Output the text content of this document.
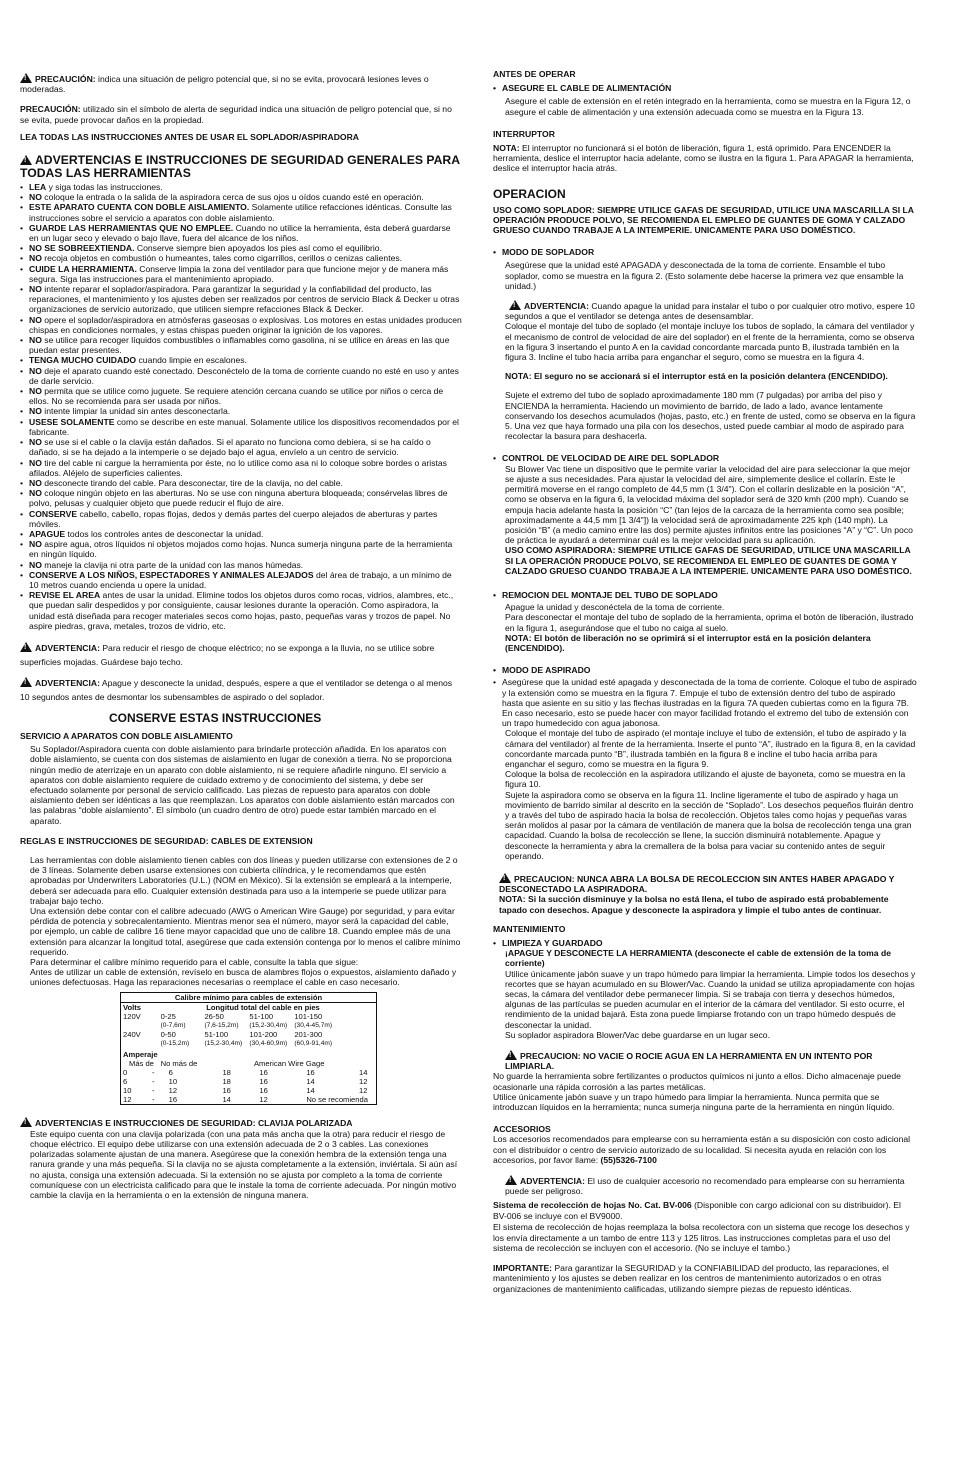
!PRECAUCIÓN: indica una situación de peligro potencial que, si no se evita, provocará lesiones leves o moderadas.

PRECAUCIÓN: utilizado sin el símbolo de alerta de seguridad indica una situación de peligro potencial que, si no se evita, puede provocar daños en la propiedad.

LEA TODAS LAS INSTRUCCIONES ANTES DE USAR EL SOPLADOR/ASPIRADORA

!ADVERTENCIAS E INSTRUCCIONES DE SEGURIDAD GENERALES PARA TODAS LAS HERRAMIENTAS
• LEA y siga todas las instrucciones.
• NO coloque la entrada o la salida de la aspiradora cerca de sus ojos u oídos cuando esté en operación.
• ESTE APARATO CUENTA CON DOBLE AISLAMIENTO. Solamente utilice refacciones idénticas. Consulte las instrucciones sobre el servicio a aparatos con doble aislamiento.
• GUARDE LAS HERRAMIENTAS QUE NO EMPLEE. Cuando no utilice la herramienta, ésta deberá guardarse en un lugar seco y elevado o bajo llave, fuera del alcance de los niños.
• NO SE SOBREEXTIENDA. Conserve siempre bien apoyados los pies así como el equilibrio.
• NO recoja objetos en combustión o humeantes, tales como cigarrillos, cerillos o cenizas calientes.
• CUIDE LA HERRAMIENTA. Conserve limpia la zona del ventilador para que funcione mejor y de manera más segura. Siga las instrucciones para el mantenimiento apropiado.
• NO intente reparar el soplador/aspiradora. Para garantizar la seguridad y la confiabilidad del producto, las reparaciones, el mantenimiento y los ajustes deben ser realizados por centros de servicio Black & Decker u otras organizaciones de servicio autorizado, que utilicen siempre refacciones Black & Decker.
• NO opere el soplador/aspiradora en atmósferas gaseosas o explosivas. Los motores en estas unidades producen chispas en condiciones normales, y estas chispas pueden originar la ignición de los vapores.
• NO se utilice para recoger líquidos combustibles o inflamables como gasolina, ni se utilice en áreas en las que puedan estar presentes.
• TENGA MUCHO CUIDADO cuando limpie en escalones.
• NO deje el aparato cuando esté conectado. Desconéctelo de la toma de corriente cuando no esté en uso y antes de darle servicio.
• NO permita que se utilice como juguete. Se requiere atención cercana cuando se utilice por niños o cerca de ellos. No se recomienda para ser usada por niños.
• NO intente limpiar la unidad sin antes desconectarla.
• USESE SOLAMENTE como se describe en este manual. Solamente utilice los dispositivos recomendados por el fabricante.
• NO se use si el cable o la clavija están dañados. Si el aparato no funciona como debiera, si se ha caído o dañado, si se ha dejado a la intemperie o se dejado bajo el agua, envíelo a un centro de servicio.
• NO tire del cable ni cargue la herramienta por éste, no lo utilice como asa ni lo coloque sobre bordes o aristas afilados. Aléjelo de superficies calientes.
• NO desconecte tirando del cable. Para desconectar, tire de la clavija, no del cable.
• NO coloque ningún objeto en las aberturas. No se use con ninguna abertura bloqueada; consérvelas libres de polvo, pelusas y cualquier objeto que puede reducir el flujo de aire.
• CONSERVE cabello, cabello, ropas flojas, dedos y demás partes del cuerpo alejados de aberturas y partes móviles.
• APAGUE todos los controles antes de desconectar la unidad.
• NO aspire agua, otros líquidos ni objetos mojados como hojas. Nunca sumerja ninguna parte de la herramienta en ningún líquido.
• NO maneje la clavija ni otra parte de la unidad con las manos húmedas.
• CONSERVE A LOS NIÑOS, ESPECTADORES Y ANIMALES ALEJADOS del área de trabajo, a un mínimo de 10 metros cuando encienda u opere la unidad.
• REVISE EL AREA antes de usar la unidad. Elimine todos los objetos duros como rocas, vidrios, alambres, etc., que puedan salir despedidos y por consiguiente, causar lesiones durante la operación. Como aspiradora, la unidad está diseñada para recoger materiales secos como hojas, pasto, pequeñas varas y trozos de papel. No aspire piedras, grava, metales, trozos de vidrio, etc.

!ADVERTENCIA: Para reducir el riesgo de choque eléctrico; no se exponga a la lluvia, no se utilice sobre superficies mojadas. Guárdese bajo techo.

!ADVERTENCIA: Apague y desconecte la unidad, después, espere a que el ventilador se detenga o al menos 10 segundos antes de desmontar los subensambles de aspirado o del soplador.

CONSERVE ESTAS INSTRUCCIONES
SERVICIO A APARATOS CON DOBLE AISLAMIENTO

Su Soplador/Aspiradora cuenta con doble aislamiento para brindarle protección añadida. En los aparatos con doble aislamiento, se cuenta con dos sistemas de aislamiento en lugar de conexión a tierra. No se proporciona ningún medio de aterrizaje en un aparato con doble aislamiento, ni se requiere añadirle ninguno. El servicio a aparatos con doble aislamiento requiere de cuidado extremo y de conocimiento del sistema, y debe ser efectuado solamente por personal de servicio calificado. Las piezas de repuesto para aparatos con doble aislamiento deben ser idénticas a las que reemplazan. Los aparatos con doble aislamiento están marcados con las palabras “doble aislamiento”. El símbolo (un cuadro dentro de otro) puede estar también marcado en el aparato.

REGLAS E INSTRUCCIONES DE SEGURIDAD: CABLES DE EXTENSION

Las herramientas con doble aislamiento tienen cables con dos líneas y pueden utilizarse con extensiones de 2 o de 3 líneas. Solamente deben usarse extensiones con cubierta cilíndrica, y le recomendamos que estén aprobadas por Underwriters Laboratories (U.L.) (NOM en México). Si la extensión se empleará a la intemperie, deberá ser adecuada para ello. Cualquier extensión destinada para uso a la intemperie se puede utilizar para trabajar bajo techo.

Una extensión debe contar con el calibre adecuado (AWG o American Wire Gauge) por seguridad, y para evitar pérdida de potencia y sobrecalentamiento. Mientras menor sea el número, mayor será la capacidad del cable, por ejemplo, un cable de calibre 16 tiene mayor capacidad que uno de calibre 18. Cuando emplee más de una extensión para alcanzar la longitud total, asegúrese que cada extensión contenga por lo menos el calibre mínimo requerido.

Para determinar el calibre mínimo requerido para el cable, consulte la tabla que sigue:

Antes de utilizar un cable de extensión, revíselo en busca de alambres flojos o expuestos, aislamiento dañado y uniones defectuosas. Haga las reparaciones necesarias o reemplace el cable en caso necesario.

Calibre mínimo para cables de extensión						
Volts	Longitud total del cable en pies					
120V		0-25	26-50	51-100	101-150	
		(0-7,6m)	(7,6-15,2m)	(15,2-30,4m)	(30,4-45,7m)	
240V		0-50	51-100	101-200	201-300	
		(0-15,2m)	(15,2-30,4m)	(30,4-60,9m)	(60,9-91,4m)	
Amperaje						
Más de		No más de	American Wire Gage			
0	-	6	18	16	16	14
6	-	10	18	16	14	12
10	-	12	16	16	14	12
12	-	16	14	12	No se recomienda	
!ADVERTENCIAS E INSTRUCCIONES DE SEGURIDAD: CLAVIJA POLARIZADA

Este equipo cuenta con una clavija polarizada (con una pata más ancha que la otra) para reducir el riesgo de choque eléctrico. El equipo debe utilizarse con una extensión adecuada de 2 o 3 cables. Las conexiones polarizadas solamente ajustan de una manera. Asegúrese que la conexión hembra de la extensión tenga una ranura grande y una más pequeña. Si la clavija no se ajusta completamente a la extensión, inviértala. Si aún así no ajusta, consiga una extensión adecuada. Si la extensión no se ajusta por completo a la toma de corriente comuníquese con un electricista calificado para que le instale la toma de corriente adecuada. Por ningún motivo cambie la clavija en la herramienta o en la extensión de ninguna manera.

ANTES DE OPERAR
• ASEGURE EL CABLE DE ALIMENTACIÓN

Asegure el cable de extensión en el retén integrado en la herramienta, como se muestra en la Figura 12, o asegure el cable de alimentación y una extensión adecuada como se muestra en la Figura 13.

INTERRUPTOR

NOTA: El interruptor no funcionará si el botón de liberación, figura 1, está oprimido. Para ENCENDER la herramienta, deslice el interruptor hacia adelante, como se ilustra en la figura 1. Para APAGAR la herramienta, deslice el interruptor hacia atrás.

OPERACION

USO COMO SOPLADOR: SIEMPRE UTILICE GAFAS DE SEGURIDAD, UTILICE UNA MASCARILLA SI LA OPERACIÓN PRODUCE POLVO, SE RECOMIENDA EL EMPLEO DE GUANTES DE GOMA Y CALZADO GRUESO CUANDO TRABAJE A LA INTEMPERIE. UNICAMENTE PARA USO DOMÉSTICO.

• MODO DE SOPLADOR

Asegúrese que la unidad esté APAGADA y desconectada de la toma de corriente. Ensamble el tubo soplador, como se muestra en la figura 2. (Esto solamente debe hacerse la primera vez que ensamble la unidad.)

!ADVERTENCIA: Cuando apague la unidad para instalar el tubo o por cualquier otro motivo, espere 10 segundos a que el ventilador se detenga antes de desensamblar.

Coloque el montaje del tubo de soplado (el montaje incluye los tubos de soplado, la cámara del ventilador y el mecanismo de control de velocidad de aire del soplador) en el frente de la herramienta, como se observa en la figura 3 insertando el punto A en la cavidad concordante marcada punto B, ilustrada también en la figura 3. Incline el tubo hacia arriba para enganchar el seguro, como se muestra en la figura 4.

NOTA: El seguro no se accionará si el interruptor está en la posición delantera (ENCENDIDO).

Sujete el extremo del tubo de soplado aproximadamente 180 mm (7 pulgadas) por arriba del piso y ENCIENDA la herramienta. Haciendo un movimiento de barrido, de lado a lado, avance lentamente conservando los desechos acumulados (hojas, pasto, etc.) en frente de usted, como se observa en la figura 5. Una vez que haya formado una pila con los desechos, usted puede cambiar al modo de aspirado para recolectar la basura para deshacerla.

• CONTROL DE VELOCIDAD DE AIRE DEL SOPLADOR

Su Blower Vac tiene un dispositivo que le permite variar la velocidad del aire para seleccionar la que mejor se ajuste a sus necesidades. Para ajustar la velocidad del aire, simplemente deslice el collarín. Este le permitirá moverse en el rango completo de 44,5 mm (1 3/4"). Con el collarín deslizable en la posición “A”, como se observa en la figura 6, la velocidad máxima del soplador será de 320 kmh (200 mph). Cuando se empuja hacia adelante hasta la posición “C” (tan lejos de la carcaza de la herramienta como sea posible; aproximadamente a 44,5 mm [1 3/4"]) la velocidad será de aproximadamente 225 kph (140 mph). La posición “B” (a medio camino entre las dos) permite ajustes infinitos entre las posiciones “A” y “C”. Un poco de práctica le ayudará a determinar cuál es la mejor velocidad para su aplicación.

USO COMO ASPIRADORA: SIEMPRE UTILICE GAFAS DE SEGURIDAD, UTILICE UNA MASCARILLA SI LA OPERACIÓN PRODUCE POLVO, SE RECOMIENDA EL EMPLEO DE GUANTES DE GOMA Y CALZADO GRUESO CUANDO TRABAJE A LA INTEMPERIE. UNICAMENTE PARA USO DOMÉSTICO.

• REMOCION DEL MONTAJE DEL TUBO DE SOPLADO

Apague la unidad y desconéctela de la toma de corriente.

Para desconectar el montaje del tubo de soplado de la herramienta, oprima el botón de liberación, ilustrado en la figura 1, asegurándose que el tubo no caiga al suelo.

NOTA: El botón de liberación no se oprimirá si el interruptor está en la posición delantera (ENCENDIDO).

• MODO DE ASPIRADO
• Asegúrese que la unidad esté apagada y desconectada de la toma de corriente. Coloque el tubo de aspirado y la extensión como se muestra en la figura 7. Empuje el tubo de extensión dentro del tubo de aspirado hasta que asiente en su sitio y las flechas ilustradas en la figura 7A queden cubiertas como en la figura 7B. En caso necesario, esto se puede hacer con mayor facilidad frotando el extremo del tubo de extensión con un trapo humedecido con agua jabonosa.

Coloque el montaje del tubo de aspirado (el montaje incluye el tubo de extensión, el tubo de aspirado y la cámara del ventilador) al frente de la herramienta. Inserte el punto “A”, ilustrado en la figura 8, en la cavidad concordante marcada punto “B”, ilustrada también en la figura 8 e incline el tubo hacia arriba para enganchar el seguro, como se muestra en la figura 9.

Coloque la bolsa de recolección en la aspiradora utilizando el ajuste de bayoneta, como se muestra en la figura 10.

Sujete la aspiradora como se observa en la figura 11. Incline ligeramente el tubo de aspirado y haga un movimiento de barrido similar al descrito en la sección de “Soplado”. Los desechos pequeños fluirán dentro y a través del tubo de aspirado hacia la bolsa de recolección. Objetos tales como hojas y pequeñas varas serán molidos al pasar por la cámara de ventilación de manera que la bolsa de recolección tenga una gran capacidad. Cuando la bolsa de recolección se llene, la succión disminuirá notablemente. Apague y desconecte la herramienta y abra la cremallera de la bolsa para vaciar su contenido antes de seguir operando.

!PRECAUCION: NUNCA ABRA LA BOLSA DE RECOLECCION SIN ANTES HABER APAGADO Y DESCONECTADO LA ASPIRADORA.

NOTA: Si la succión disminuye y la bolsa no está llena, el tubo de aspirado está probablemente tapado con desechos. Apague y desconecte la aspiradora y limpie el tubo antes de continuar.

MANTENIMIENTO
• LIMPIEZA Y GUARDADO

¡APAGUE Y DESCONECTE LA HERRAMIENTA (desconecte el cable de extensión de la toma de corriente)

Utilice únicamente jabón suave y un trapo húmedo para limpiar la herramienta. Limpie todos los desechos y recortes que se hayan acumulado en su Blower/Vac. Cuando la unidad se utiliza apropiadamente con hojas secas, la cámara del ventilador debe permanecer limpia. Si se trabaja con tierra y desechos húmedos, algunas de las partículas se pueden acumular en el interior de la cámara del ventilador. Si esto ocurre, el rendimiento de la unidad bajará. Esta zona puede limpiarse frotando con un trapo húmedo después de desconectar la unidad.

Su soplador aspiradora Blower/Vac debe guardarse en un lugar seco.

!PRECAUCION: NO VACIE O ROCIE AGUA EN LA HERRAMIENTA EN UN INTENTO POR LIMPIARLA.

No guarde la herramienta sobre fertilizantes o productos químicos ni junto a ellos. Dicho almacenaje puede ocasionarle una rápida corrosión a las partes metálicas.

Utilice únicamente jabón suave y un trapo húmedo para limpiar la herramienta. Nunca permita que se introduzcan líquidos en la herramienta; nunca sumerja ninguna parte de la herramienta en ningún líquido.

ACCESORIOS

Los accesorios recomendados para emplearse con su herramienta están a su disposición con costo adicional con el distribuidor o centro de servicio autorizado de su localidad. Si necesita ayuda en relación con los accesorios, por favor llame: (55)5326-7100

!ADVERTENCIA: El uso de cualquier accesorio no recomendado para emplearse con su herramienta puede ser peligroso.

Sistema de recolección de hojas No. Cat. BV-006 (Disponible con cargo adicional con su distribuidor). El BV-006 se incluye con el BV9000.

El sistema de recolección de hojas reemplaza la bolsa recolectora con un sistema que recoge los desechos y los envía directamente a un tambo de entre 113 y 125 litros. Las instrucciones completas para el uso del sistema de recolección se incluyen con el accesorio. (No se incluye el tambo.)

IMPORTANTE: Para garantizar la SEGURIDAD y la CONFIABILIDAD del producto, las reparaciones, el mantenimiento y los ajustes se deben realizar en los centros de mantenimiento autorizados o en otras organizaciones de mantenimiento calificadas, utilizando siempre piezas de repuesto idénticas.
